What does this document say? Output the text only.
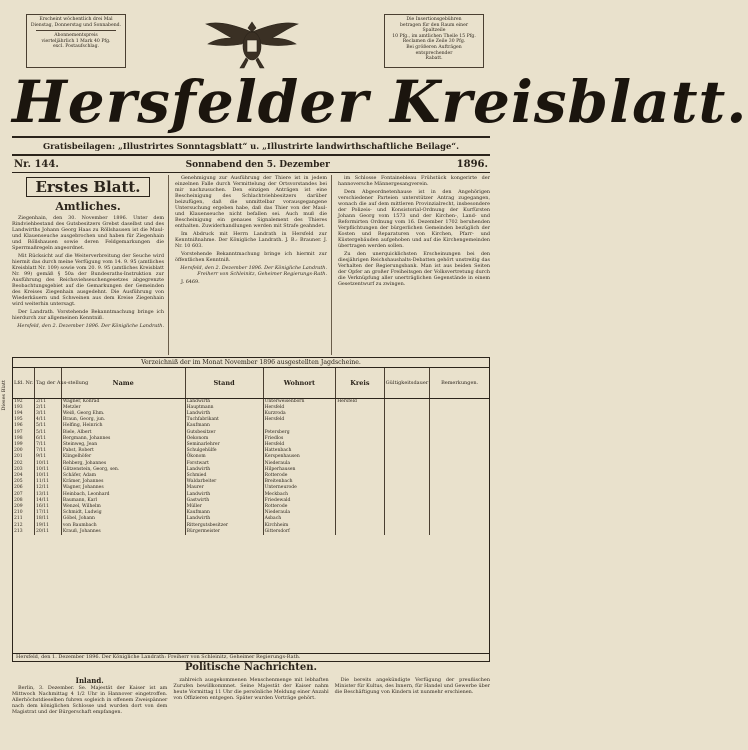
Erscheint wöchentlich drei Mal
Dienstag, Donnerstag und Sonnabend.
Abonnementspreis
vierteljährlich 1 Mark 40 Pfg.
excl. Postaufschlag.
Die Insertionsgebühren
betragen für den Raum einer Spaltzeile
10 Pfg., im amtlichen Theile 15 Pfg.
Reclamen die Zeile 30 Pfg.
Bei größeren Aufträgen entsprechender
Rabatt.
Hersfelder Kreisblatt.
Gratisbeilagen: „Illustrirtes Sonntagsblatt“ u. „Illustrirte landwirthschaftliche Beilage“.
Nr. 144.	Sonnabend den 5. Dezember	1896.
Erstes Blatt.
Amtliches.

Ziegenhain, den 30. November 1896. Unter dem Rindviehbestand des Gutsbesitzers Grebst daselbst und des Landwirths Johann Georg Haas zu Röllshausen ist die Maul- und Klauenseuche ausgebrochen und haben für Ziegenhain und Röllshausen sowie deren Feldgemarkungen die Sperrmaßregeln angeordnet.

Mit Rücksicht auf die Weiterverbreitung der Seuche wird hiermit das durch meine Verfügung vom 14. 9. 95 (amtliches Kreisblatt Nr. 109) sowie vom 20. 9. 95 (amtliches Kreisblatt Nr. 99) gemäß § 50a der Bundesraths-Instruktion zur Ausführung des Reichsviehseuchengesetzes abgegrenzte Beobachtungsgebiet auf die Gemarkungen der Gemeinden des Kreises Ziegenhain ausgedehnt. Die Ausführung von Wiederkäuern und Schweinen aus dem Kreise Ziegenhain wird weiterhin untersagt.

Der Landrath. Vorstehende Bekanntmachung bringe ich hierdurch zur allgemeinen Kenntniß.

Hersfeld, den 2. Dezember 1896. Der Königliche Landrath.

Genehmigung zur Ausführung der Thiere ist in jedem einzelnen Falle durch Vermittelung der Ortsvorstandes bei mir nachzusuchen. Den einzigen Anträgen ist eine Bescheinigung des Schlachtviehbesitzers darüber beizufügen, daß die unmittelbar vorausgegangene Untersuchung ergeben habe, daß das Thier von der Maul- und Klauenseuche nicht befallen sei. Auch muß die Bescheinigung ein genaues Signalement des Thieres enthalten. Zuwiderhandlungen werden mit Strafe geahndet.

Im Abdruck mit Herrn Landrath in Hersfeld zur Kenntnißnahme. Der Königliche Landrath. J. B.: Brauner. J. Nr. 10 603.

Vorstehende Bekanntmachung bringe ich hiermit zur öffentlichen Kenntniß.

Hersfeld, den 2. Dezember 1896. Der Königliche Landrath. Freiherr von Schleinitz, Geheimer Regierungs-Rath.

J. 6469.

im Schlosse Fontainebleau Frühstück kongerirte der hannoversche Männergesangverein.

Dem Abgeordnetenhause ist in den Angehörigen verschiedener Parteien unterstützer Antrag zugegangen, wonach die auf dem mittleren Provinzialrecht, insbesondere der Polizeis- und Konsistorial-Ordnung der Kurfürsten Johann Georg vom 1573 und der Kirchen-, Land- und Reformirten Ordnung vom 16. Dezember 1702 beruhenden Verpflichtungen der bürgerlichen Gemeinden bezüglich der Kosten und Reparaturen von Kirchen, Pfarr- und Küstergebäuden aufgehoben und auf die Kirchengemeinden übertragen werden sollen.

Zu den unerquicklichsten Erscheinungen bei den diesjährigen Reichshaushalts-Debatten gehört unstreitig das Verhalten der Regierungsbank. Man ist aus beiden Seiten der Opfer an großer Freiheitsgen der Volksvertretung durch die Verknüpfung aller unerträglichen Gegenstände in einem Gesetzentwurf zu zwingen.

Verzeichniß der im Monat November 1896 ausgestellten Jagdscheine.
Lfd. Nr.	Tag der Aus-stellung	Name	Stand	Wohnort	Kreis	Gültigkeitsdauer	Bemerkungen.
192	2/11	Wagner, Konrad	Landwirth	Unterweisenborn	Hersfeld		
193	2/11	Metzler	Hauptmann	Hersfeld			
194	3/11	Weiß, Georg Ehm.	Landwirth	Kurzroda			
195	4/11	Braun, Georg, jun.	Tuchfabrikant	Hersfeld			
196	5/11	Helfing, Heinrich	Kaufmann				
197	5/11	Biele, Albert	Gutsbesitzer	Petersberg			
198	6/11	Bergmann, Johannes	Oekonom	Friedlos			
199	7/11	Steinweg, Jean	Seminarlehrer	Hersfeld			
200	7/11	Pabst, Robert	Schulgehülfe	Hattenbach			
201	9/11	Klingelhöfer	Ökonom	Kerspenhausen			
202	10/11	Rehberg, Johannes	Forstwart	Niederaula			
203	10/11	Glitzenstein, Georg, sen.	Landwirth	Hilperhausen			
204	10/11	Schäfer, Adam	Schmied	Rotterode			
205	11/11	Krämer, Johannes	Waldarbeiter	Breitenbach			
206	12/11	Wagner, Johannes	Maurer	Unterneurode			
207	13/11	Heinbach, Leonhard	Landwirth	Meckbach			
208	14/11	Baumann, Karl	Gastwirth	Friedewald			
209	16/11	Wenzel, Wilhelm	Müller	Rotterode			
210	17/11	Schmidt, Ludwig	Kaufmann	Niederaula			
211	18/11	Göbel, Johann	Landwirth	Asbach			
212	19/11	von Baumbach	Rittergutsbesitzer	Kirchheim			
213	20/11	Krauß, Johannes	Bürgermeister	Gittersdorf			
Hersfeld, den 1. Dezember 1896. Der Königliche Landrath: Freiherr von Schleinitz, Geheimer Regierungs-Rath.
Politische Nachrichten.
Inland.

Berlin, 3. Dezember. Se. Majestät der Kaiser ist am Mittwoch Nachmittag 4 1/2 Uhr in Hannover eingetroffen. Allerhöchstdieselben fuhren sogleich in offenem Zweispänner nach dem königlichen Schlosse und wurden dort von dem Magistrat und der Bürgerschaft empfangen.

zahlreich ausgekommenen Menschenmenge mit lebhaften Zurufen bewillkommnet. Seine Majestät der Kaiser nahm heute Vormittag 11 Uhr die persönliche Meldung einer Anzahl von Offizieren entgegen. Später wurden Vorträge gehört.

Die bereits angekündigte Verfügung der preußischen Minister für Kultus, des Innern, für Handel und Gewerbe über die Beschäftigung von Kindern ist nunmehr erschienen.

Dieses Blatt
